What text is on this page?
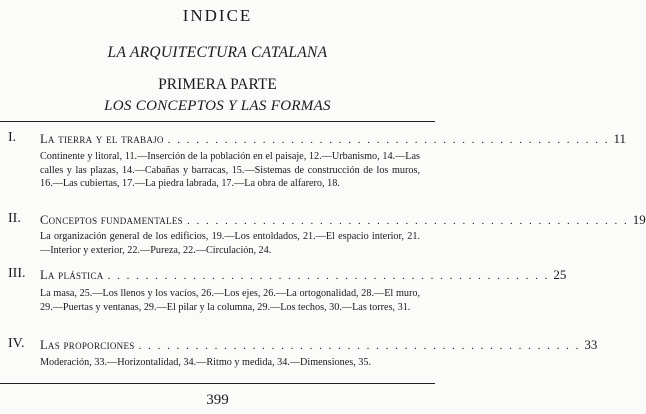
INDICE
LA ARQUITECTURA CATALANA
PRIMERA PARTE
LOS CONCEPTOS Y LAS FORMAS
I.	La tierra y el trabajo . . . . . . . . . . . . . . . . . . . . . . . . . . . . . . . . . . . . . . . . . . . . . . . 11
Continente y litoral, 11.—Inserción de la población en el paisaje, 12.—Urbanismo, 14.—Las calles y las plazas, 14.—Cabañas y barracas, 15.—Sistemas de construcción de los muros, 16.—Las cubiertas, 17.—La piedra labrada, 17.—La obra de alfarero, 18.
II.	Conceptos fundamentales . . . . . . . . . . . . . . . . . . . . . . . . . . . . . . . . . . . . . . . . . . . . . . . 19
La organización general de los edificios, 19.—Los entoldados, 21.—El espacio interior, 21.—Interior y exterior, 22.—Pureza, 22.—Circulación, 24.
III.	La plástica . . . . . . . . . . . . . . . . . . . . . . . . . . . . . . . . . . . . . . . . . . . . . . . 25
La masa, 25.—Los llenos y los vacíos, 26.—Los ejes, 26.—La ortogonalidad, 28.—El muro, 29.—Puertas y ventanas, 29.—El pilar y la columna, 29.—Los techos, 30.—Las torres, 31.
IV.	Las proporciones . . . . . . . . . . . . . . . . . . . . . . . . . . . . . . . . . . . . . . . . . . . . . . . 33
Moderación, 33.—Horizontalidad, 34.—Ritmo y medida, 34.—Dimensiones, 35.
399
